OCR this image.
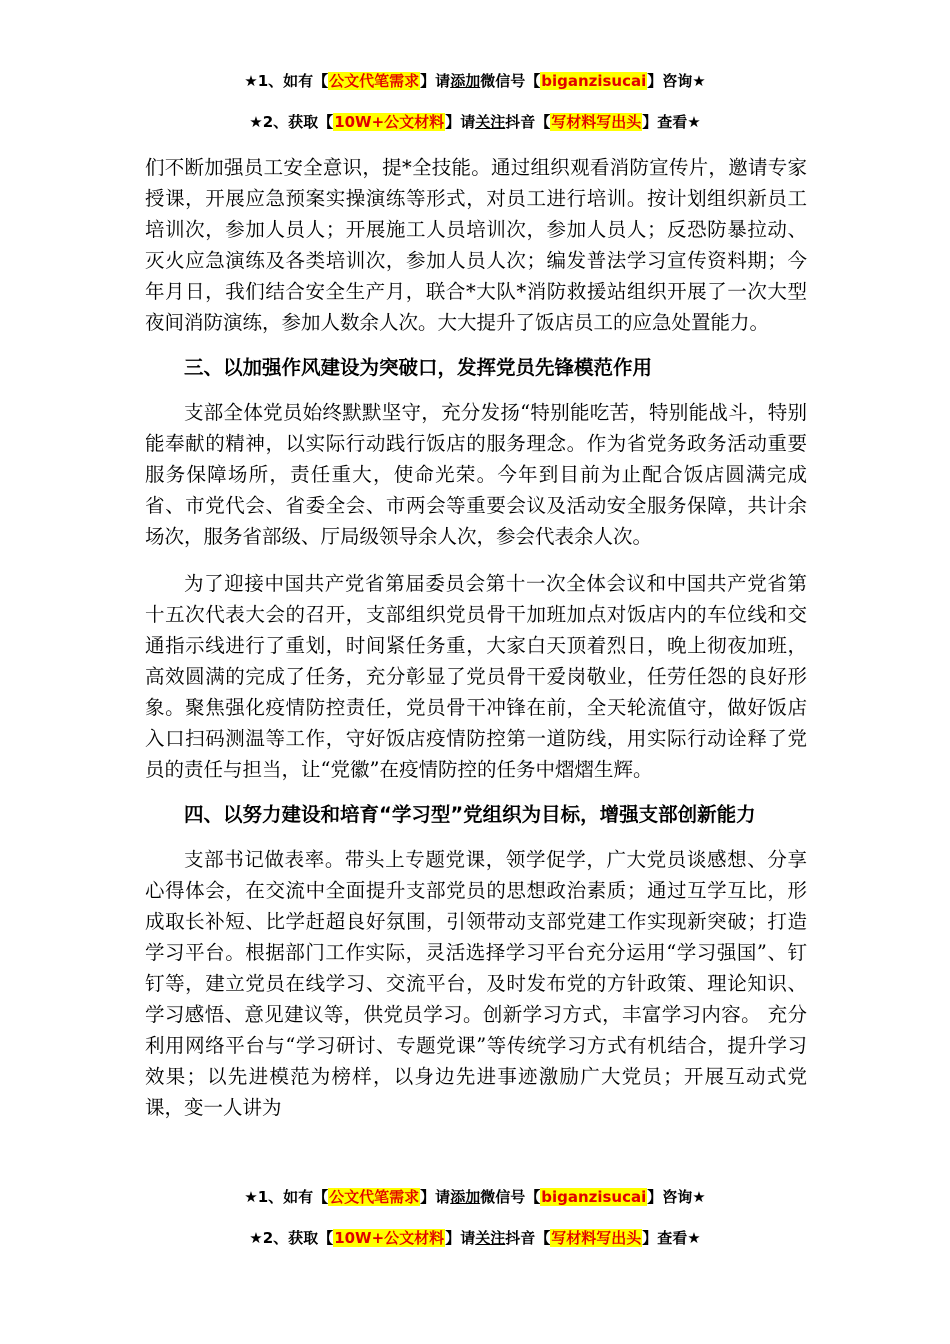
★1、如有【公文代笔需求】请添加微信号【biganzisucai】咨询★
★2、获取【10W+公文材料】请关注抖音【写材料写出头】查看★

们不断加强员工安全意识，提*全技能。通过组织观看消防宣传片，邀请专家授课，开展应急预案实操演练等形式，对员工进行培训。按计划组织新员工培训次，参加人员人；开展施工人员培训次，参加人员人；反恐防暴拉动、灭火应急演练及各类培训次，参加人员人次；编发普法学习宣传资料期；今年月日，我们结合安全生产月，联合*大队*消防救援站组织开展了一次大型夜间消防演练，参加人数余人次。大大提升了饭店员工的应急处置能力。

三、以加强作风建设为突破口，发挥党员先锋模范作用

支部全体党员始终默默坚守，充分发扬“特别能吃苦，特别能战斗，特别能奉献的精神，以实际行动践行饭店的服务理念。作为省党务政务活动重要服务保障场所，责任重大，使命光荣。今年到目前为止配合饭店圆满完成省、市党代会、省委全会、市两会等重要会议及活动安全服务保障，共计余场次，服务省部级、厅局级领导余人次，参会代表余人次。

为了迎接中国共产党省第届委员会第十一次全体会议和中国共产党省第十五次代表大会的召开，支部组织党员骨干加班加点对饭店内的车位线和交通指示线进行了重划，时间紧任务重，大家白天顶着烈日，晚上彻夜加班，高效圆满的完成了任务，充分彰显了党员骨干爱岗敬业，任劳任怨的良好形象。聚焦强化疫情防控责任，党员骨干冲锋在前，全天轮流值守，做好饭店入口扫码测温等工作，守好饭店疫情防控第一道防线，用实际行动诠释了党员的责任与担当，让“党徽”在疫情防控的任务中熠熠生辉。

四、以努力建设和培育“学习型”党组织为目标，增强支部创新能力

支部书记做表率。带头上专题党课，领学促学，广大党员谈感想、分享心得体会，在交流中全面提升支部党员的思想政治素质；通过互学互比，形成取长补短、比学赶超良好氛围，引领带动支部党建工作实现新突破；打造学习平台。根据部门工作实际，灵活选择学习平台充分运用“学习强国”、钉钉等，建立党员在线学习、交流平台，及时发布党的方针政策、理论知识、学习感悟、意见建议等，供党员学习。创新学习方式，丰富学习内容。 充分利用网络平台与“学习研讨、专题党课”等传统学习方式有机结合，提升学习效果；以先进模范为榜样，以身边先进事迹激励广大党员；开展互动式党课，变一人讲为

★1、如有【公文代笔需求】请添加微信号【biganzisucai】咨询★
★2、获取【10W+公文材料】请关注抖音【写材料写出头】查看★
